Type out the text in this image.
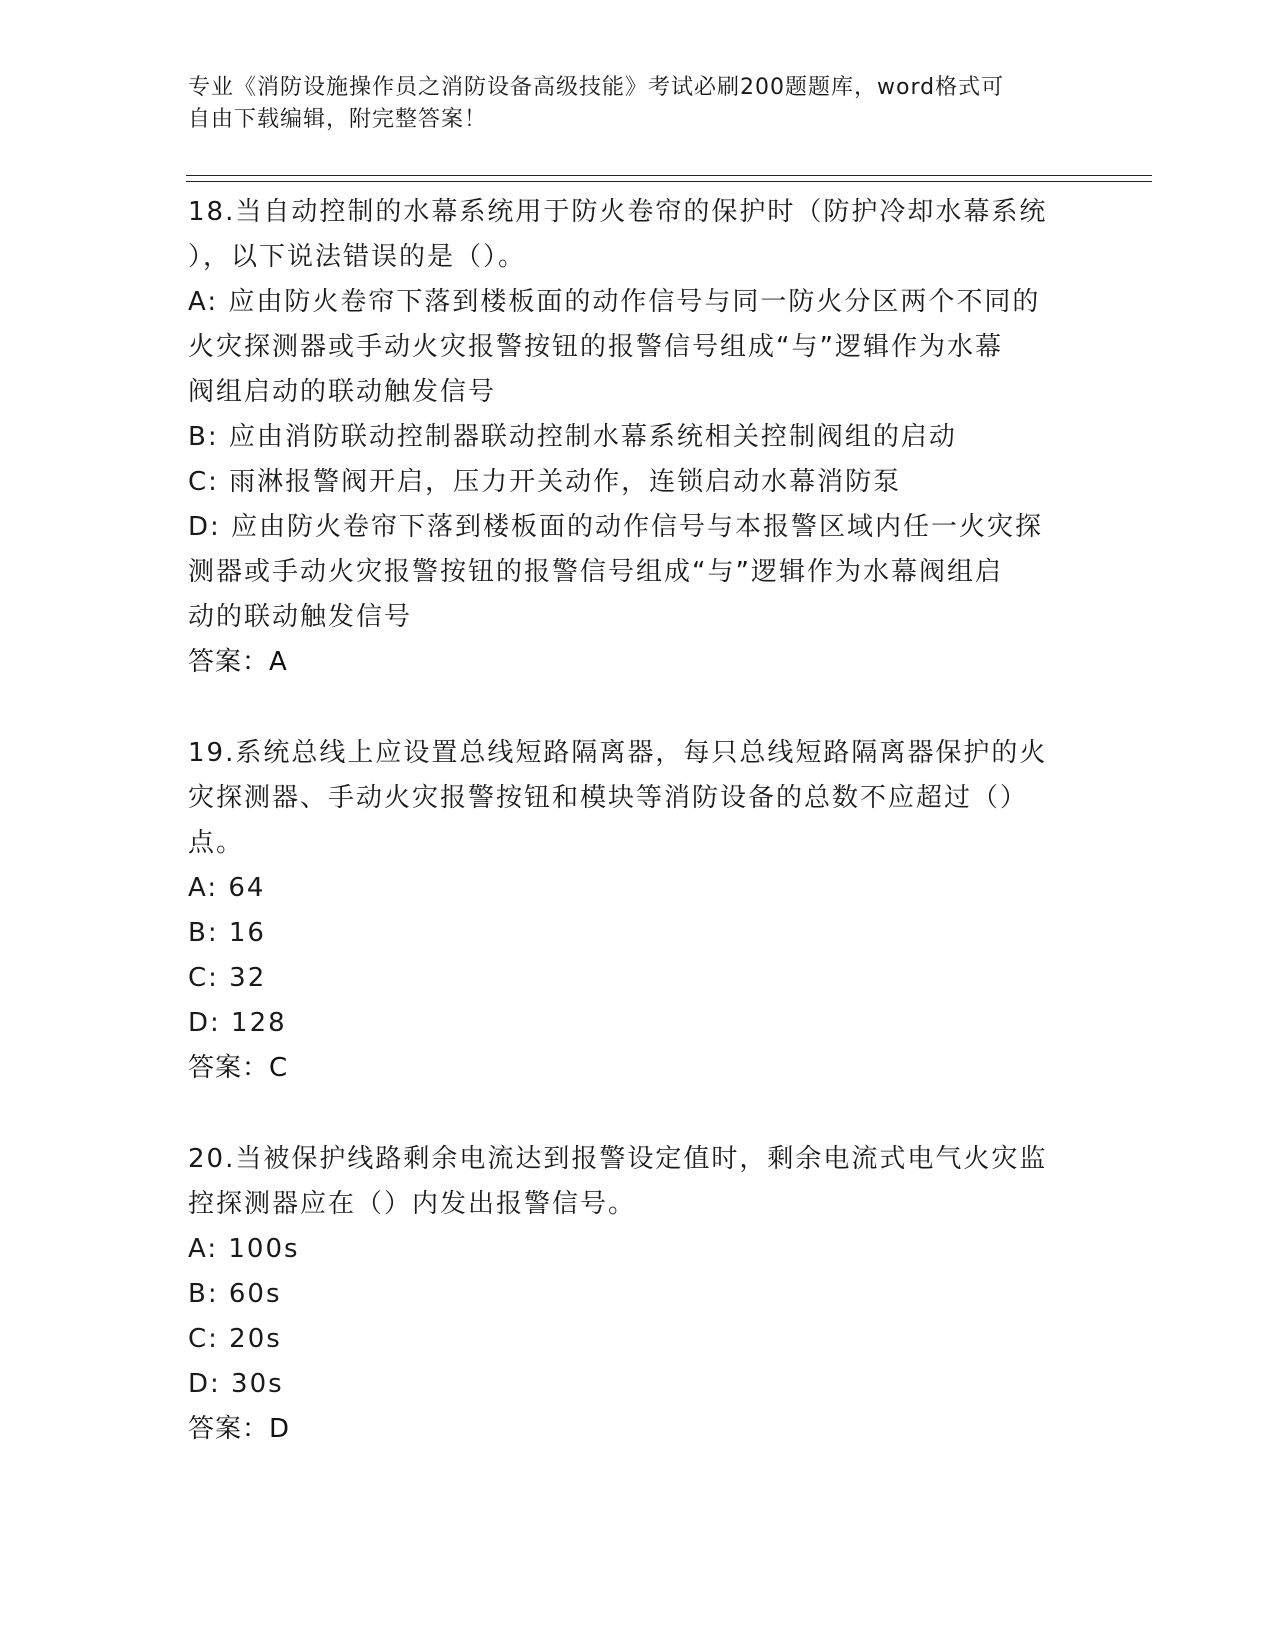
专业《消防设施操作员之消防设备高级技能》考试必刷200题题库，word格式可
自由下载编辑，附完整答案！
18.当自动控制的水幕系统用于防火卷帘的保护时（防护冷却水幕系统
），以下说法错误的是（）。
A: 应由防火卷帘下落到楼板面的动作信号与同一防火分区两个不同的
火灾探测器或手动火灾报警按钮的报警信号组成“与”逻辑作为水幕
阀组启动的联动触发信号
B: 应由消防联动控制器联动控制水幕系统相关控制阀组的启动
C: 雨淋报警阀开启，压力开关动作，连锁启动水幕消防泵
D: 应由防火卷帘下落到楼板面的动作信号与本报警区域内任一火灾探
测器或手动火灾报警按钮的报警信号组成“与”逻辑作为水幕阀组启
动的联动触发信号
答案：A
19.系统总线上应设置总线短路隔离器，每只总线短路隔离器保护的火
灾探测器、手动火灾报警按钮和模块等消防设备的总数不应超过（）
点。
A: 64
B: 16
C: 32
D: 128
答案：C
20.当被保护线路剩余电流达到报警设定值时，剩余电流式电气火灾监
控探测器应在（）内发出报警信号。
A: 100s
B: 60s
C: 20s
D: 30s
答案：D
